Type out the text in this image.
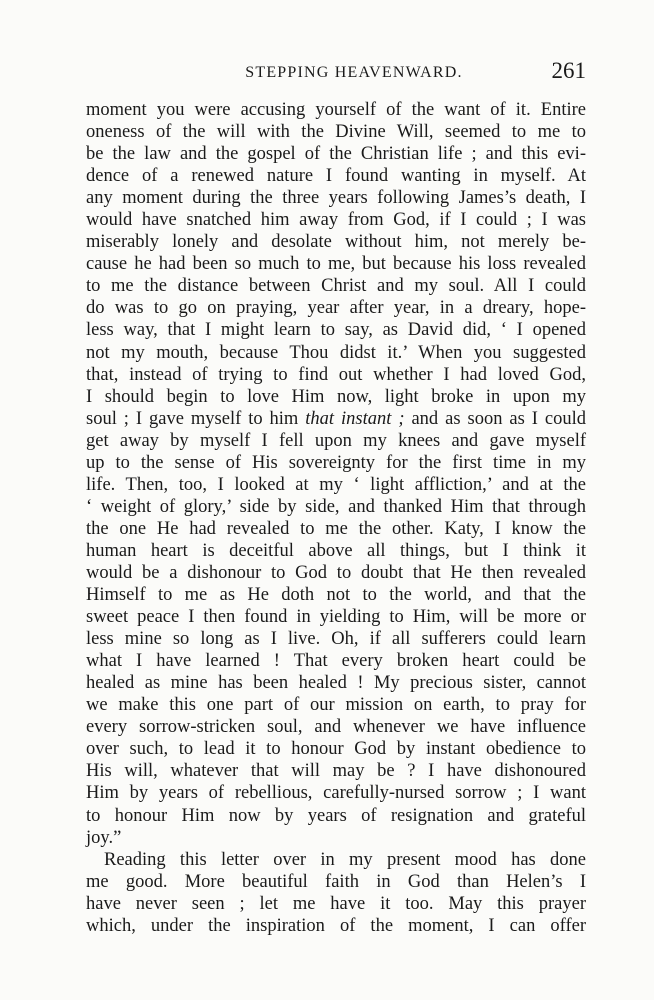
STEPPING HEAVENWARD.	261
moment you were accusing yourself of the want of it. Entire
oneness of the will with the Divine Will, seemed to me to
be the law and the gospel of the Christian life ; and this evi-
dence of a renewed nature I found wanting in myself. At
any moment during the three years following James’s death, I
would have snatched him away from God, if I could ; I was
miserably lonely and desolate without him, not merely be-
cause he had been so much to me, but because his loss revealed
to me the distance between Christ and my soul. All I could
do was to go on praying, year after year, in a dreary, hope-
less way, that I might learn to say, as David did, ‘ I opened
not my mouth, because Thou didst it.’ When you suggested
that, instead of trying to find out whether I had loved God,
I should begin to love Him now, light broke in upon my
soul ; I gave myself to him that instant ; and as soon as I could
get away by myself I fell upon my knees and gave myself
up to the sense of His sovereignty for the first time in my
life. Then, too, I looked at my ‘ light affliction,’ and at the
‘ weight of glory,’ side by side, and thanked Him that through
the one He had revealed to me the other. Katy, I know the
human heart is deceitful above all things, but I think it
would be a dishonour to God to doubt that He then revealed
Himself to me as He doth not to the world, and that the
sweet peace I then found in yielding to Him, will be more or
less mine so long as I live. Oh, if all sufferers could learn
what I have learned ! That every broken heart could be
healed as mine has been healed ! My precious sister, cannot
we make this one part of our mission on earth, to pray for
every sorrow-stricken soul, and whenever we have influence
over such, to lead it to honour God by instant obedience to
His will, whatever that will may be ? I have dishonoured
Him by years of rebellious, carefully-nursed sorrow ; I want
to honour Him now by years of resignation and grateful
joy.”
Reading this letter over in my present mood has done
me good. More beautiful faith in God than Helen’s I
have never seen ; let me have it too. May this prayer
which, under the inspiration of the moment, I can offer
